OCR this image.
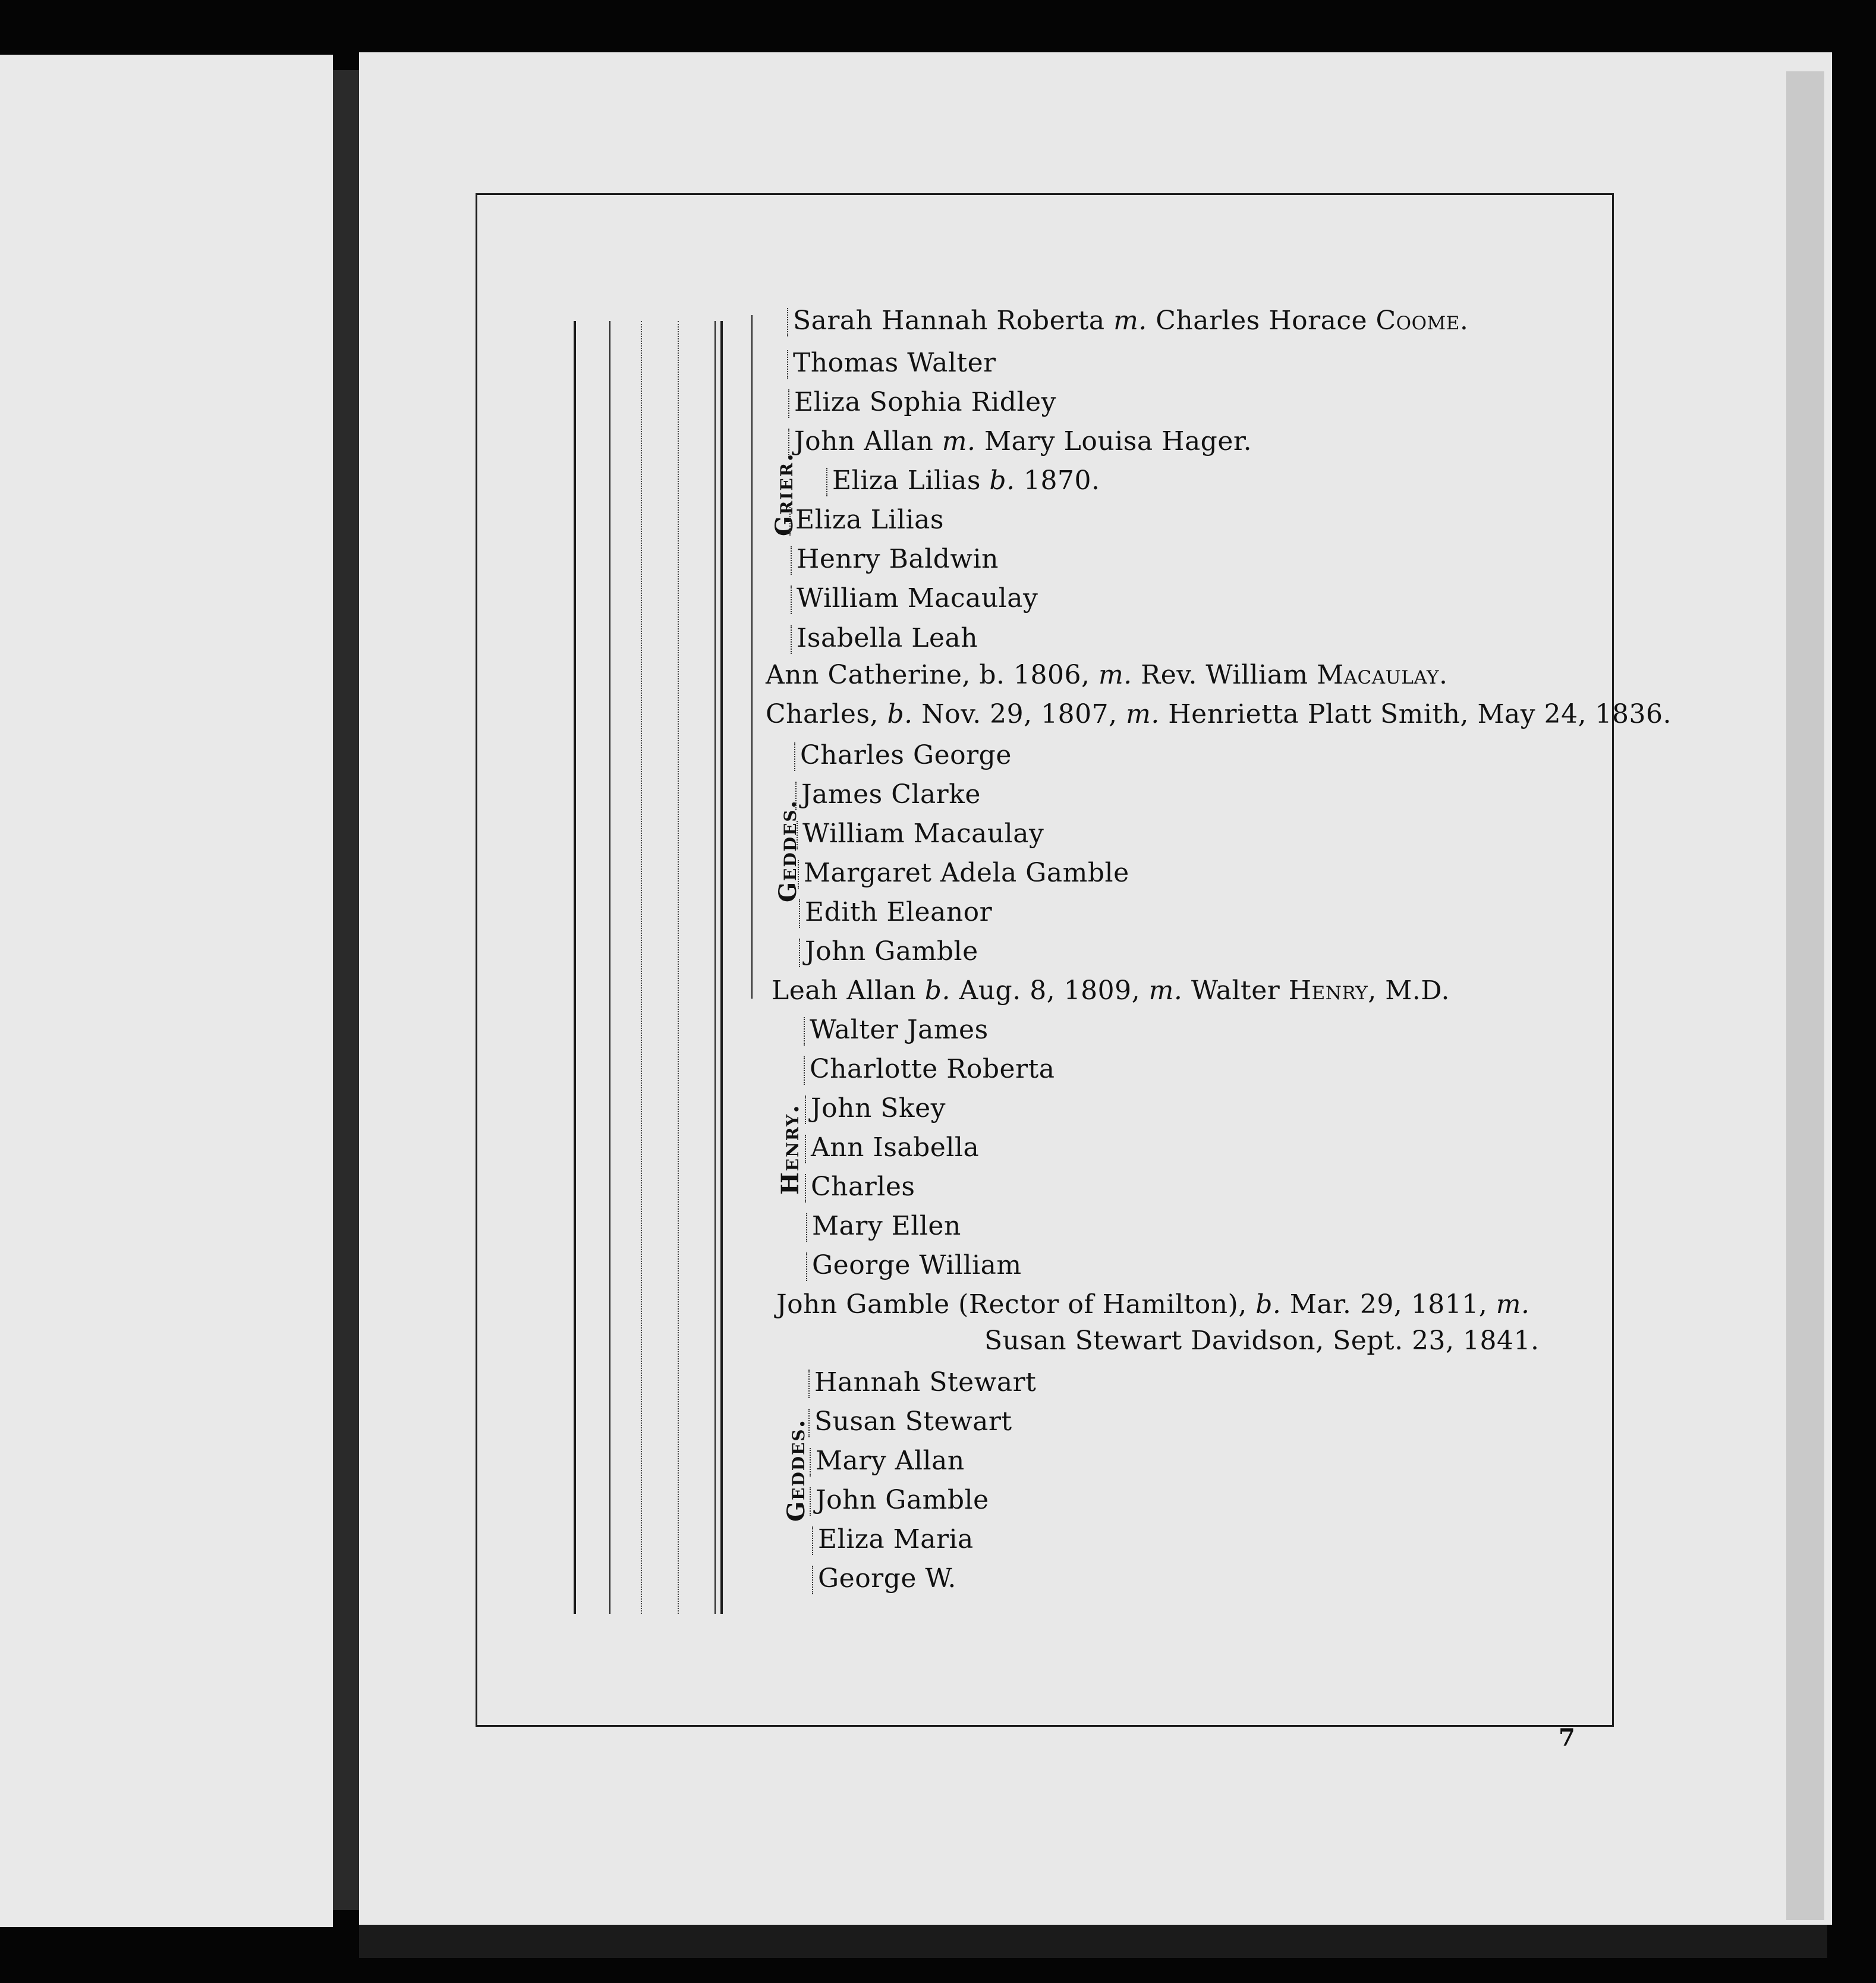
Grier.
Sarah Hannah Roberta m. Charles Horace Coome.
Thomas Walter
Eliza Sophia Ridley
John Allan m. Mary Louisa Hager.
Eliza Lilias b. 1870.
Eliza Lilias
Henry Baldwin
William Macaulay
Isabella Leah
Ann Catherine, b. 1806, m. Rev. William Macaulay.
Charles, b. Nov. 29, 1807, m. Henrietta Platt Smith, May 24, 1836.
Geddes.
Charles George
James Clarke
William Macaulay
Margaret Adela Gamble
Edith Eleanor
John Gamble
Leah Allan b. Aug. 8, 1809, m. Walter Henry, M.D.
Henry.
Walter James
Charlotte Roberta
John Skey
Ann Isabella
Charles
Mary Ellen
George William
John Gamble (Rector of Hamilton), b. Mar. 29, 1811, m.
Susan Stewart Davidson, Sept. 23, 1841.
Geddes.
Hannah Stewart
Susan Stewart
Mary Allan
John Gamble
Eliza Maria
George W.
7
